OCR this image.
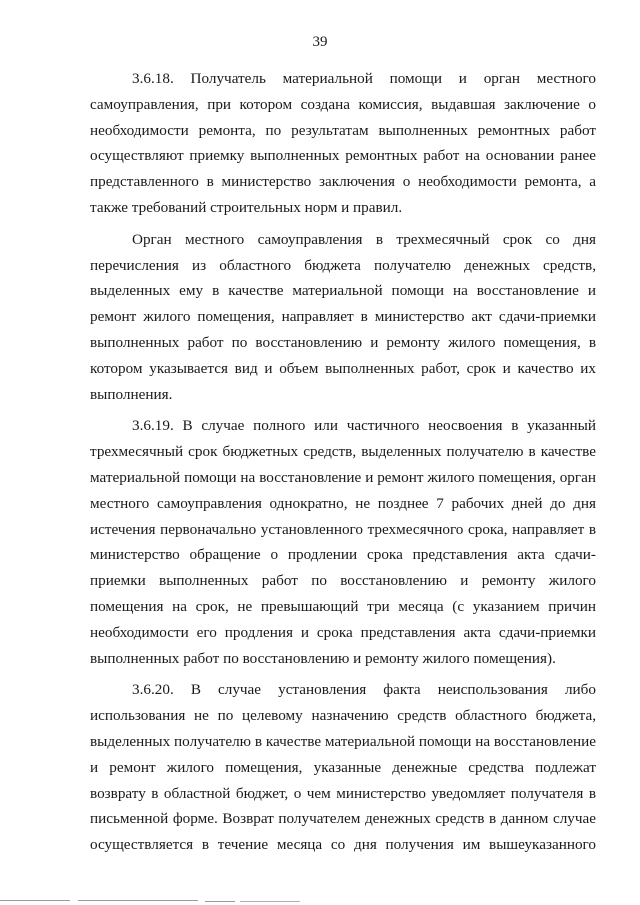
39

3.6.18. Получатель материальной помощи и орган местного
самоуправления, при котором создана комиссия, выдавшая заключение о
необходимости ремонта, по результатам выполненных ремонтных работ
осуществляют приемку выполненных ремонтных работ на основании ранее
представленного в министерство заключения о необходимости ремонта, а
также требований строительных норм и правил.

Орган местного самоуправления в трехмесячный срок со дня
перечисления из областного бюджета получателю денежных средств,
выделенных ему в качестве материальной помощи на восстановление и
ремонт жилого помещения, направляет в министерство акт сдачи-приемки
выполненных работ по восстановлению и ремонту жилого помещения, в
котором указывается вид и объем выполненных работ, срок и качество их
выполнения.

3.6.19. В случае полного или частичного неосвоения в указанный
трехмесячный срок бюджетных средств, выделенных получателю в качестве
материальной помощи на восстановление и ремонт жилого помещения, орган
местного самоуправления однократно, не позднее 7 рабочих дней до дня
истечения первоначально установленного трехмесячного срока, направляет в
министерство обращение о продлении срока представления акта сдачи-
приемки выполненных работ по восстановлению и ремонту жилого
помещения на срок, не превышающий три месяца (с указанием причин
необходимости его продления и срока представления акта сдачи-приемки
выполненных работ по восстановлению и ремонту жилого помещения).

3.6.20. В случае установления факта неиспользования либо
использования не по целевому назначению средств областного бюджета,
выделенных получателю в качестве материальной помощи на восстановление
и ремонт жилого помещения, указанные денежные средства подлежат
возврату в областной бюджет, о чем министерство уведомляет получателя в
письменной форме. Возврат получателем денежных средств в данном случае
осуществляется в течение месяца со дня получения им вышеуказанного
